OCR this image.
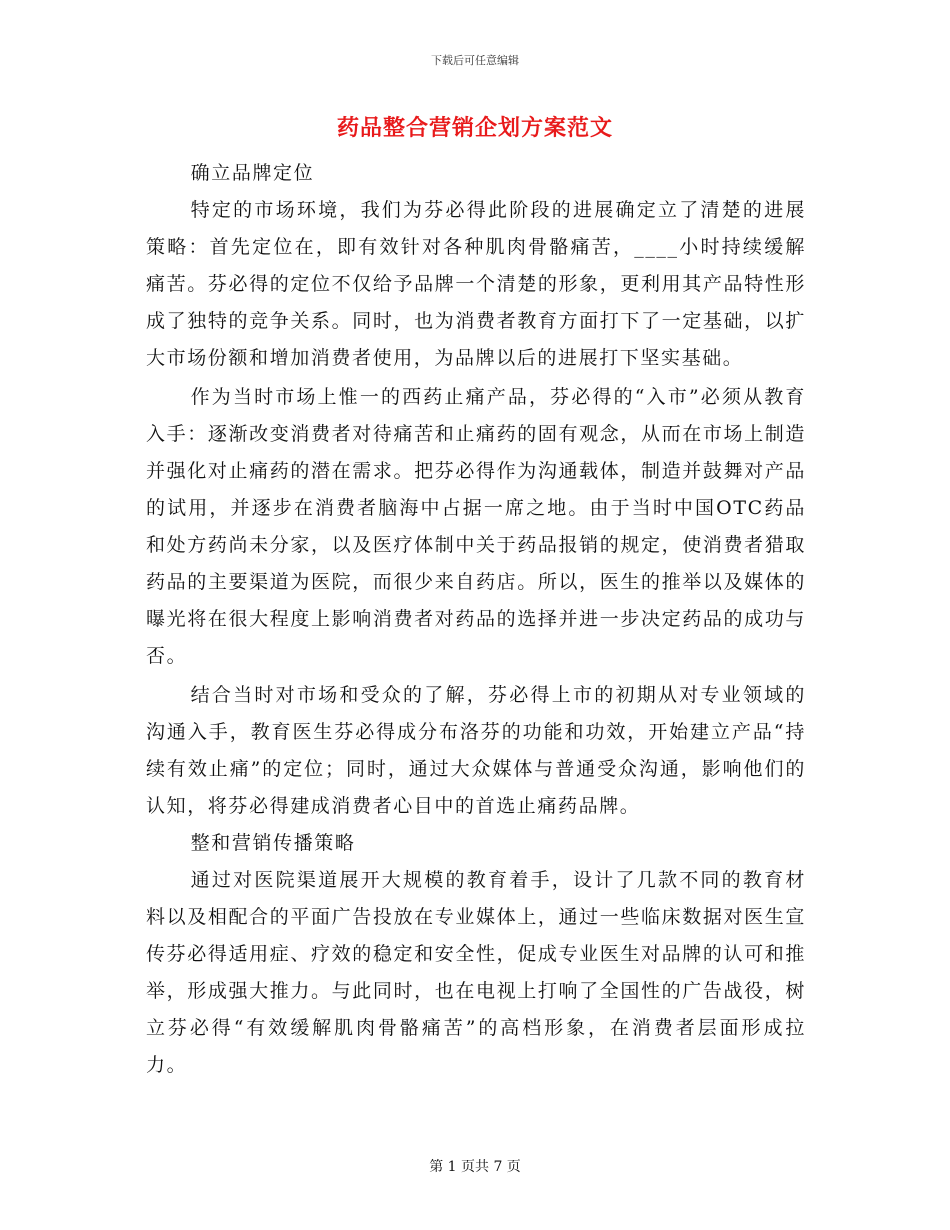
下载后可任意编辑
药品整合营销企划方案范文

确立品牌定位

特定的市场环境，我们为芬必得此阶段的进展确定立了清楚的进展策略：首先定位在，即有效针对各种肌肉骨骼痛苦，____小时持续缓解痛苦。芬必得的定位不仅给予品牌一个清楚的形象，更利用其产品特性形成了独特的竞争关系。同时，也为消费者教育方面打下了一定基础，以扩大市场份额和增加消费者使用，为品牌以后的进展打下坚实基础。

作为当时市场上惟一的西药止痛产品，芬必得的“入市”必须从教育入手：逐渐改变消费者对待痛苦和止痛药的固有观念，从而在市场上制造并强化对止痛药的潜在需求。把芬必得作为沟通载体，制造并鼓舞对产品的试用，并逐步在消费者脑海中占据一席之地。由于当时中国OTC药品和处方药尚未分家，以及医疗体制中关于药品报销的规定，使消费者猎取药品的主要渠道为医院，而很少来自药店。所以，医生的推举以及媒体的曝光将在很大程度上影响消费者对药品的选择并进一步决定药品的成功与否。

结合当时对市场和受众的了解，芬必得上市的初期从对专业领域的沟通入手，教育医生芬必得成分布洛芬的功能和功效，开始建立产品“持续有效止痛”的定位；同时，通过大众媒体与普通受众沟通，影响他们的认知，将芬必得建成消费者心目中的首选止痛药品牌。

整和营销传播策略

通过对医院渠道展开大规模的教育着手，设计了几款不同的教育材料以及相配合的平面广告投放在专业媒体上，通过一些临床数据对医生宣传芬必得适用症、疗效的稳定和安全性，促成专业医生对品牌的认可和推举，形成强大推力。与此同时，也在电视上打响了全国性的广告战役，树立芬必得“有效缓解肌肉骨骼痛苦”的高档形象，在消费者层面形成拉力。

第 1 页共 7 页
